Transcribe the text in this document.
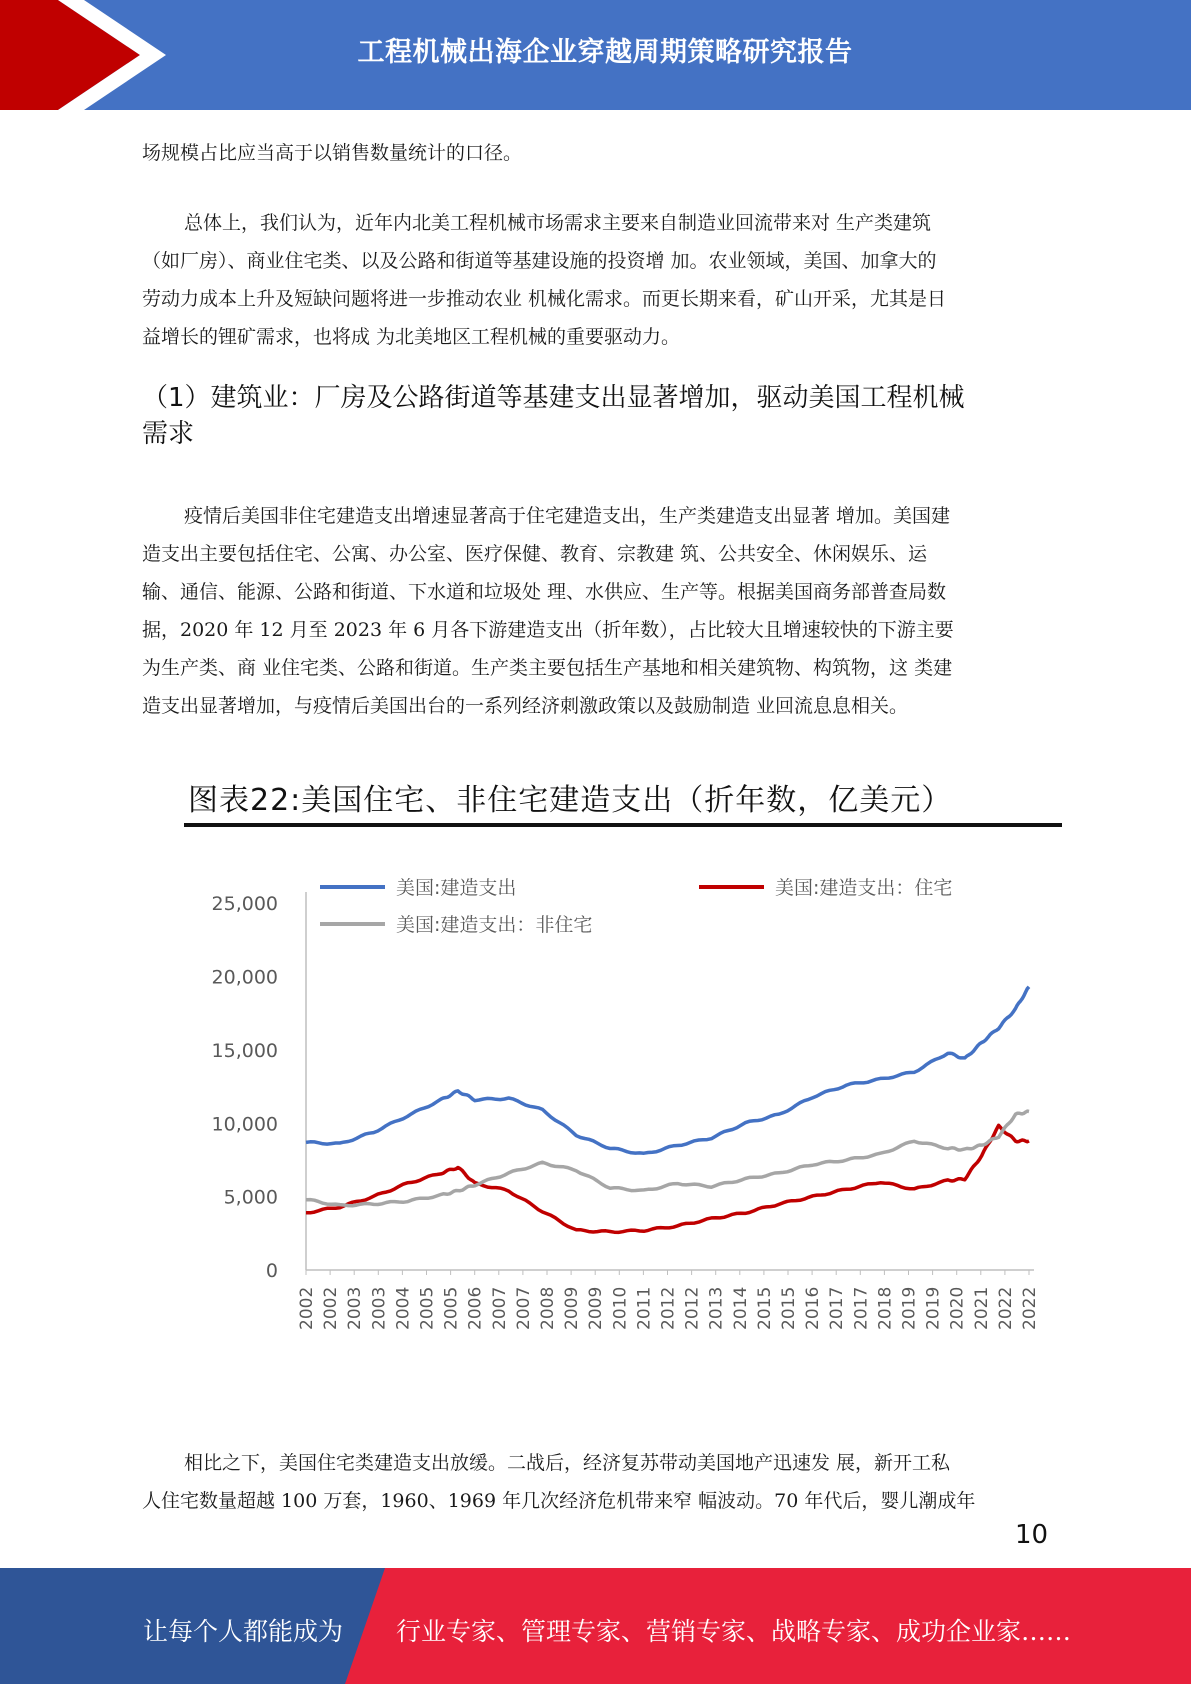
工程机械出海企业穿越周期策略研究报告
场规模占比应当高于以销售数量统计的口径。
总体上，我们认为，近年内北美工程机械市场需求主要来自制造业回流带来对 生产类建筑
（如厂房）、商业住宅类、以及公路和街道等基建设施的投资增 加。农业领域，美国、加拿大的
劳动力成本上升及短缺问题将进一步推动农业 机械化需求。而更长期来看，矿山开采，尤其是日
益增长的锂矿需求，也将成 为北美地区工程机械的重要驱动力。
（1）建筑业：厂房及公路街道等基建支出显著增加，驱动美国工程机械
需求
疫情后美国非住宅建造支出增速显著高于住宅建造支出，生产类建造支出显著 增加。美国建
造支出主要包括住宅、公寓、办公室、医疗保健、教育、宗教建 筑、公共安全、休闲娱乐、运
输、通信、能源、公路和街道、下水道和垃圾处 理、水供应、生产等。根据美国商务部普查局数
据，2020 年 12 月至 2023 年 6 月各下游建造支出（折年数），占比较大且增速较快的下游主要
为生产类、商 业住宅类、公路和街道。生产类主要包括生产基地和相关建筑物、构筑物，这 类建
造支出显著增加，与疫情后美国出台的一系列经济刺激政策以及鼓励制造 业回流息息相关。
图表22:美国住宅、非住宅建造支出（折年数，亿美元）
25,000
20,000
15,000
10,000
5,000
0
2002 2002 2003 2003 2004 2005 2005 2006 2007 2007 2008 2009 2009 2010 2011 2012 2012 2013 2014 2015 2015 2016 2017 2017 2018 2019 2019 2020 2021 2022 2022
美国:建造支出	美国:建造支出：住宅
美国:建造支出：非住宅
相比之下，美国住宅类建造支出放缓。二战后，经济复苏带动美国地产迅速发 展，新开工私
人住宅数量超越 100 万套，1960、1969 年几次经济危机带来窄 幅波动。70 年代后，婴儿潮成年
10
让每个人都能成为 行业专家、管理专家、营销专家、战略专家、成功企业家……
